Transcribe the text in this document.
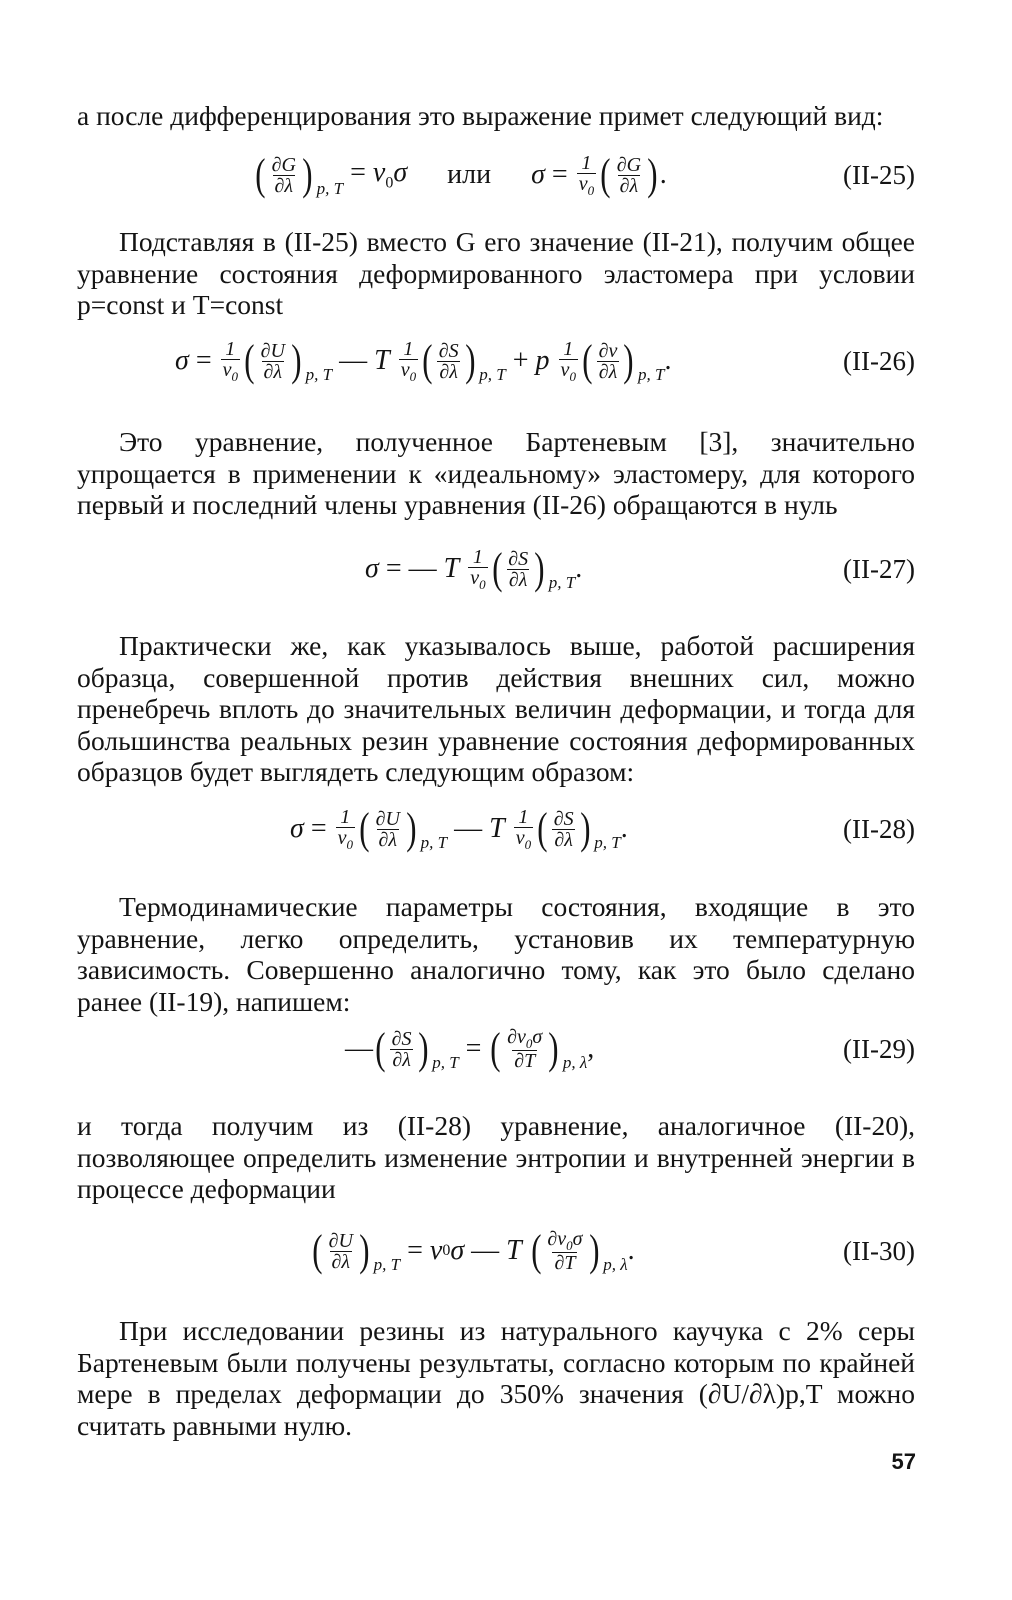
а после дифференцирования это выражение примет следующий вид:

( $\frac{\partial G}{\partial\lambda}$ ) p, T
= $v_0\sigma$ или $\sigma = \frac{1}{v_0}$ ( $\frac{\partial G}{\partial\lambda}$ ) .	(II-25)

Подставляя в (II-25) вместо G его значение (II-21), получим общее уравнение состояния деформированного эластомера при условии p=const и T=const

$\sigma = \frac{1}{v_0}$ ( $\frac{\partial U}{\partial\lambda}$ ) p, T — T
$\frac{1}{v_0}$ ( $\frac{\partial S}{\partial\lambda}$ ) p, T + p
$\frac{1}{v_0}$ ( $\frac{\partial v}{\partial\lambda}$ ) p, T .	(II-26)

Это уравнение, полученное Бартеневым [3], значительно упрощается в применении к «идеальному» эластомеру, для которого первый и последний члены уравнения (II-26) обращаются в нуль

σ = — T
$\frac{1}{v_0}$ ( $\frac{\partial S}{\partial\lambda}$ ) p, T .	(II-27)

Практически же, как указывалось выше, работой расширения образца, совершенной против действия внешних сил, можно пренебречь вплоть до значительных величин деформации, и тогда для большинства реальных резин уравнение состояния деформированных образцов будет выглядеть следующим образом:

$\sigma = \frac{1}{v_0}$ ( $\frac{\partial U}{\partial\lambda}$ ) p, T — T
$\frac{1}{v_0}$ ( $\frac{\partial S}{\partial\lambda}$ ) p, T .	(II-28)

Термодинамические параметры состояния, входящие в это уравнение, легко определить, установив их температурную зависимость. Совершенно аналогично тому, как это было сделано ранее (II-19), напишем:

— ( $\frac{\partial S}{\partial\lambda}$ ) p, T = ( $\frac{\partial v_0\sigma}{\partial T}$ ) p, λ ,	(II-29)

и тогда получим из (II-28) уравнение, аналогичное (II-20), позволяющее определить изменение энтропии и внутренней энергии в процессе деформации

( $\frac{\partial U}{\partial\lambda}$ ) p, T = v 0 σ — T
( $\frac{\partial v_0\sigma}{\partial T}$ ) p, λ .	(II-30)

При исследовании резины из натурального каучука с 2% серы Бартеневым были получены результаты, согласно которым по крайней мере в пределах деформации до 350% значения (∂U/∂λ)p,T можно считать равными нулю.

57
